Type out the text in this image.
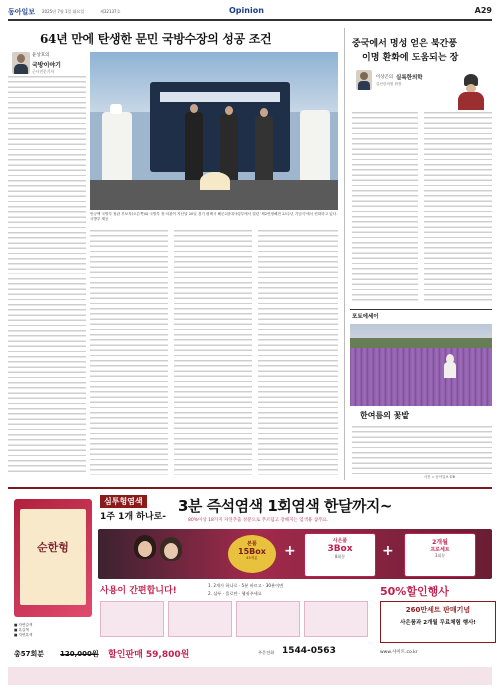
동아일보 2025년 7월 1일 화요일	제32137호	Opinion	A29
64년 만에 탄생한 문민 국방수장의 성공 조건
윤상호의
국방이야기
군사전문기자
안규백 국방부 장관 후보자(오른쪽)와 국방부 장·차관이 지난달 20일 경기 평택시 해군2함대사령부에서 열린 '제2연평해전 23주년 기념식'에서 헌화하고 있다. 국방부 제공
중국에서 명성 얻은 북간풍
이명 환화에 도움되는 장
이상곤의 실록한의학
갑산한의원 원장
포토에세이
한여름의 꽃밭
사진 = 동아일보 DB
순한헝
심투헝염색
1주 1개 하나로-
3분 즉석염색 1회염색 한달까지~
80%이상 18가지 자연추출 성분으로 푸르덥고 장해지는 염색용 샴푸요.
본품
15Box
45개분	+
사은품
3Box
8회분	+
2개월
프로세트
3회분
사용이 간편합니다!
1. 2개가 하나로 · 5분 바르고 · 30분이면
2. 샴푸 · 물로만 · 헹궈주세요	50%할인행사
260만세트 판매기념
사은품과 2개월 무료체험 행사!
■ 자연갈색
■ 흑갈색
■ 자연흑색
총57회분 120,000원 할인판매 59,800원	주문전화 1544-0563	www.사이트.co.kr
